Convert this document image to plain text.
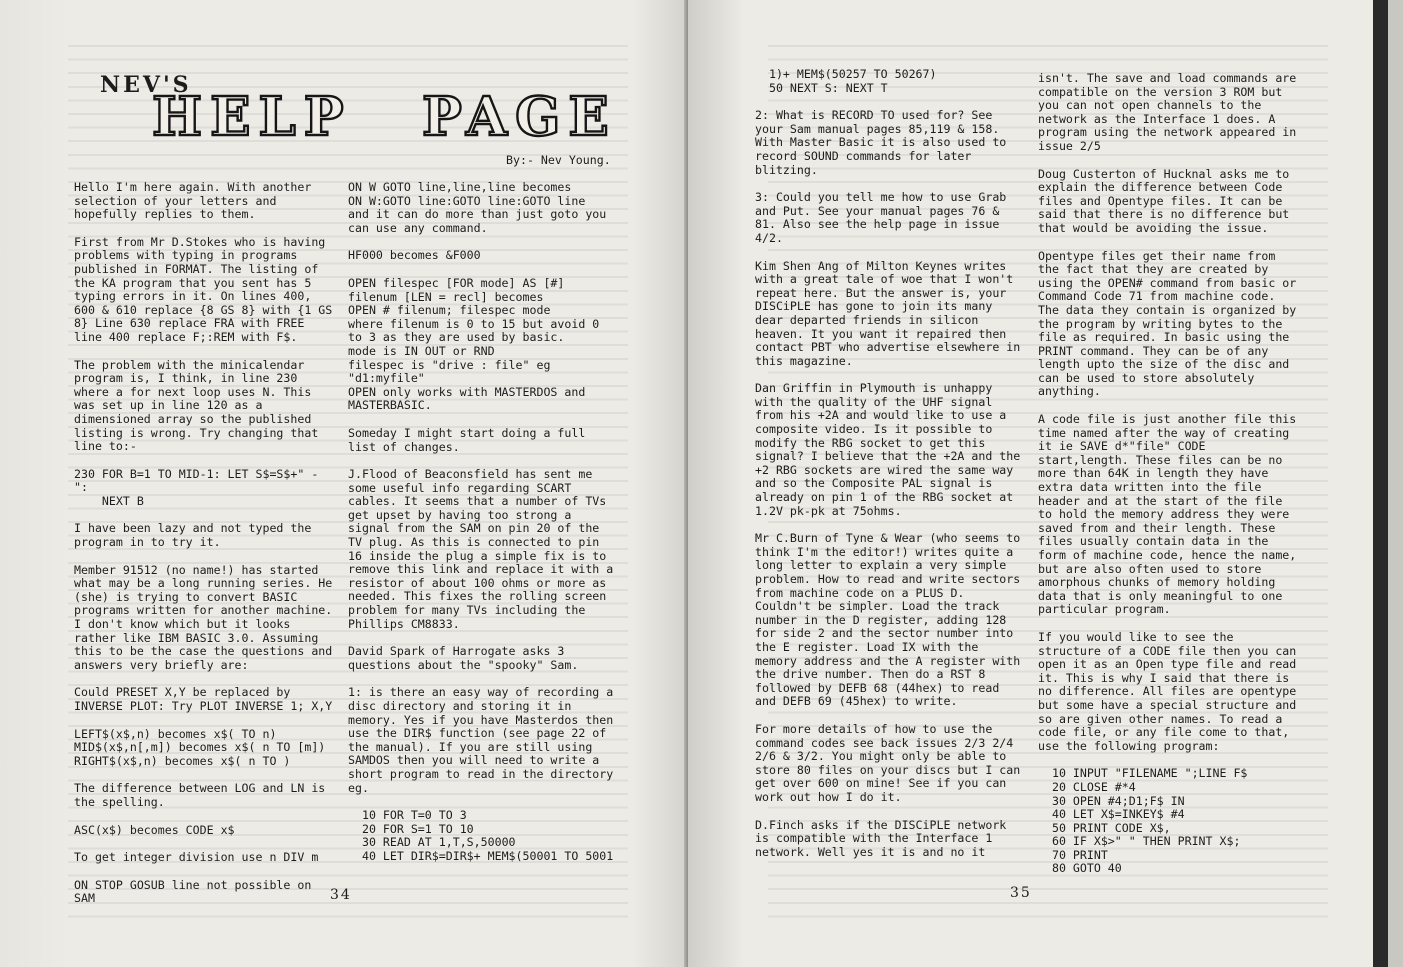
NEV'S
HELP PAGE
By:- Nev Young.

Hello I'm here again. With another selection of your letters and hopefully replies to them.

First from Mr D.Stokes who is having problems with typing in programs published in FORMAT. The listing of the KA program that you sent has 5 typing errors in it. On lines 400, 600 & 610 replace {8 GS 8} with {1 GS 8} Line 630 replace FRA with FREE line 400 replace F;:REM with F$.

The problem with the minicalendar program is, I think, in line 230 where a for next loop uses N. This was set up in line 120 as a dimensioned array so the published listing is wrong. Try changing that line to:-

230 FOR B=1 TO MID-1: LET S$=S$+" - ":
NEXT B

I have been lazy and not typed the program in to try it.

Member 91512 (no name!) has started what may be a long running series. He (she) is trying to convert BASIC programs written for another machine. I don't know which but it looks rather like IBM BASIC 3.0. Assuming this to be the case the questions and answers very briefly are:

Could PRESET X,Y be replaced by INVERSE PLOT: Try PLOT INVERSE 1; X,Y

LEFT$(x$,n) becomes x$( TO n)
MID$(x$,n[,m]) becomes x$( n TO [m])
RIGHT$(x$,n) becomes x$( n TO )

The difference between LOG and LN is the spelling.

ASC(x$) becomes CODE x$

To get integer division use n DIV m

ON STOP GOSUB line not possible on SAM

ON W GOTO line,line,line becomes
ON W:GOTO line:GOTO line:GOTO line
and it can do more than just goto you can use any command.

HF000 becomes &F000

OPEN filespec [FOR mode] AS [#] filenum [LEN = recl] becomes
OPEN # filenum; filespec mode
where filenum is 0 to 15 but avoid 0 to 3 as they are used by basic.
mode is IN OUT or RND
filespec is "drive : file" eg "d1:myfile"
OPEN only works with MASTERDOS and MASTERBASIC.

Someday I might start doing a full list of changes.

J.Flood of Beaconsfield has sent me some useful info regarding SCART cables. It seems that a number of TVs get upset by having too strong a signal from the SAM on pin 20 of the TV plug. As this is connected to pin 16 inside the plug a simple fix is to remove this link and replace it with a resistor of about 100 ohms or more as needed. This fixes the rolling screen problem for many TVs including the Phillips CM8833.

David Spark of Harrogate asks 3 questions about the "spooky" Sam.

1: is there an easy way of recording a disc directory and storing it in memory. Yes if you have Masterdos then use the DIR$ function (see page 22 of the manual). If you are still using SAMDOS then you will need to write a short program to read in the directory eg.

10 FOR T=0 TO 3
20 FOR S=1 TO 10
30 READ AT 1,T,S,50000
40 LET DIR$=DIR$+ MEM$(50001 TO 5001

34

1)+ MEM$(50257 TO 50267)
50 NEXT S: NEXT T

2: What is RECORD TO used for? See your Sam manual pages 85,119 & 158. With Master Basic it is also used to record SOUND commands for later blitzing.

3: Could you tell me how to use Grab and Put. See your manual pages 76 & 81. Also see the help page in issue 4/2.

Kim Shen Ang of Milton Keynes writes with a great tale of woe that I won't repeat here. But the answer is, your DISCiPLE has gone to join its many dear departed friends in silicon heaven. It you want it repaired then contact PBT who advertise elsewhere in this magazine.

Dan Griffin in Plymouth is unhappy with the quality of the UHF signal from his +2A and would like to use a composite video. Is it possible to modify the RBG socket to get this signal? I believe that the +2A and the +2 RBG sockets are wired the same way and so the Composite PAL signal is already on pin 1 of the RBG socket at 1.2V pk-pk at 75ohms.

Mr C.Burn of Tyne & Wear (who seems to think I'm the editor!) writes quite a long letter to explain a very simple problem. How to read and write sectors from machine code on a PLUS D. Couldn't be simpler. Load the track number in the D register, adding 128 for side 2 and the sector number into the E register. Load IX with the memory address and the A register with the drive number. Then do a RST 8 followed by DEFB 68 (44hex) to read and DEFB 69 (45hex) to write.

For more details of how to use the command codes see back issues 2/3 2/4 2/6 & 3/2. You might only be able to store 80 files on your discs but I can get over 600 on mine! See if you can work out how I do it.

D.Finch asks if the DISCiPLE network is compatible with the Interface 1 network. Well yes it is and no it

isn't. The save and load commands are compatible on the version 3 ROM but you can not open channels to the network as the Interface 1 does. A program using the network appeared in issue 2/5

Doug Custerton of Hucknal asks me to explain the difference between Code files and Opentype files. It can be said that there is no difference but that would be avoiding the issue.

Opentype files get their name from the fact that they are created by using the OPEN# command from basic or Command Code 71 from machine code. The data they contain is organized by the program by writing bytes to the file as required. In basic using the PRINT command. They can be of any length upto the size of the disc and can be used to store absolutely anything.

A code file is just another file this time named after the way of creating it ie SAVE d*"file" CODE start,length. These files can be no more than 64K in length they have extra data written into the file header and at the start of the file to hold the memory address they were saved from and their length. These files usually contain data in the form of machine code, hence the name, but are also often used to store amorphous chunks of memory holding data that is only meaningful to one particular program.

If you would like to see the structure of a CODE file then you can open it as an Open type file and read it. This is why I said that there is no difference. All files are opentype but some have a special structure and so are given other names. To read a code file, or any file come to that, use the following program:

10 INPUT "FILENAME ";LINE F$
20 CLOSE #*4
30 OPEN #4;D1;F$ IN
40 LET X$=INKEY$ #4
50 PRINT CODE X$,
60 IF X$>" " THEN PRINT X$;
70 PRINT
80 GOTO 40

35
